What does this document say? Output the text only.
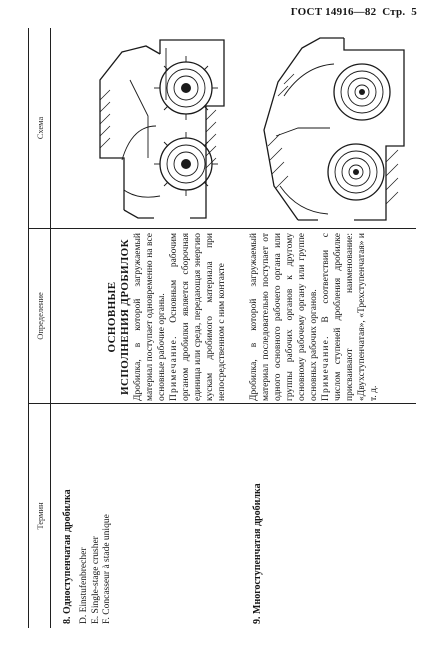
ГОСТ 14916—82 Стр. 5
Термин
Определение
Схема
8. Одноступенчатая дробилка D. Einstufenbrecher E. Single-stage crusher F. Concasseur à stade unique
ОСНОВНЫЕ ИСПОЛНЕНИЯ ДРОБИЛОК Дробилка, в которой загружаемый материал поступает одновременно на все основные рабочие органы. Примечание. Основным рабочим органом дробилки является сборочная единица или среда, передающая энергию кускам дробимого материала при непосредственном с ним контакте
9. Многоступенчатая дробилка
Дробилка, в которой загружаемый материал последовательно поступает от одного основного рабочего органа или группы рабочих органов к другому основному рабочему органу или группе основных рабочих органов. Примечание. В соответствии с числом ступеней дробления дробилке присваивают наименование: «Двухступенчатая», «Трехступенчатая» и т. д.
